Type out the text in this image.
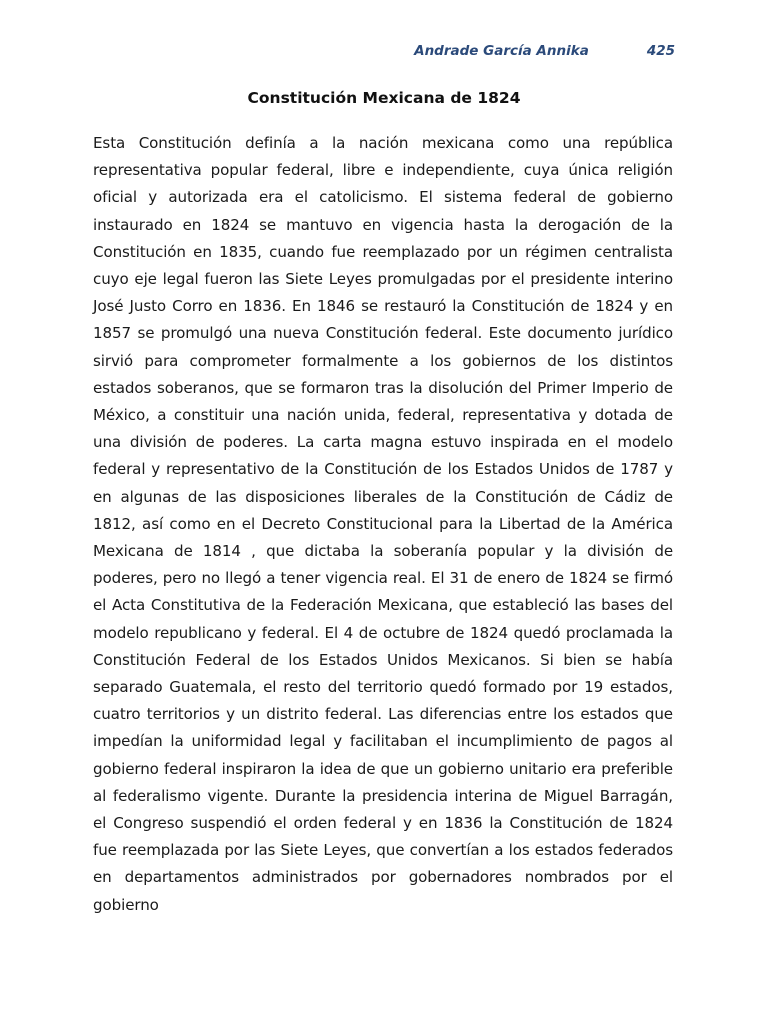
Andrade García Annika	425
Constitución Mexicana de 1824

Esta Constitución definía a la nación mexicana como una república representativa popular federal, libre e independiente, cuya única religión oficial y autorizada era el catolicismo. El sistema federal de gobierno instaurado en 1824 se mantuvo en vigencia hasta la derogación de la Constitución en 1835, cuando fue reemplazado por un régimen centralista cuyo eje legal fueron las Siete Leyes promulgadas por el presidente interino José Justo Corro en 1836. En 1846 se restauró la Constitución de 1824 y en 1857 se promulgó una nueva Constitución federal. Este documento jurídico sirvió para comprometer formalmente a los gobiernos de los distintos estados soberanos, que se formaron tras la disolución del Primer Imperio de México, a constituir una nación unida, federal, representativa y dotada de una división de poderes. La carta magna estuvo inspirada en el modelo federal y representativo de la Constitución de los Estados Unidos de 1787 y en algunas de las disposiciones liberales de la Constitución de Cádiz de 1812, así como en el Decreto Constitucional para la Libertad de la América Mexicana de 1814 , que dictaba la soberanía popular y la división de poderes, pero no llegó a tener vigencia real. El 31 de enero de 1824 se firmó el Acta Constitutiva de la Federación Mexicana, que estableció las bases del modelo republicano y federal. El 4 de octubre de 1824 quedó proclamada la Constitución Federal de los Estados Unidos Mexicanos. Si bien se había separado Guatemala, el resto del territorio quedó formado por 19 estados, cuatro territorios y un distrito federal. Las diferencias entre los estados que impedían la uniformidad legal y facilitaban el incumplimiento de pagos al gobierno federal inspiraron la idea de que un gobierno unitario era preferible al federalismo vigente. Durante la presidencia interina de Miguel Barragán, el Congreso suspendió el orden federal y en 1836 la Constitución de 1824 fue reemplazada por las Siete Leyes, que convertían a los estados federados en departamentos administrados por gobernadores nombrados por el gobierno
